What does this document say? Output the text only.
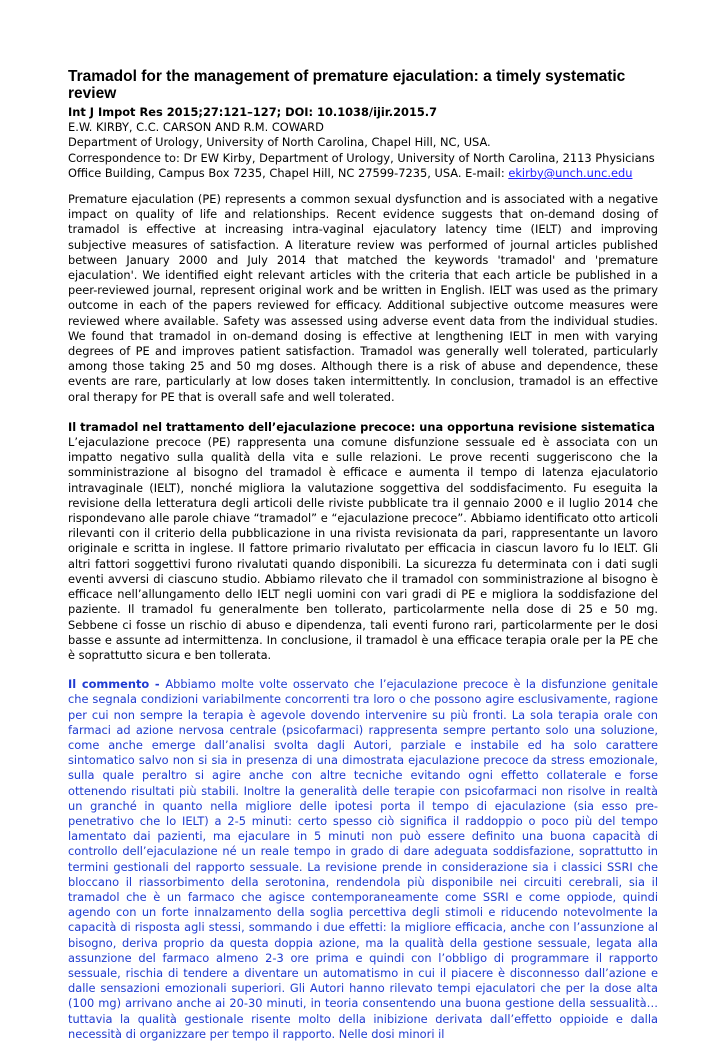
Tramadol for the management of premature ejaculation: a timely systematic review
Int J Impot Res 2015;27:121–127; DOI: 10.1038/ijir.2015.7
E.W. KIRBY, C.C. CARSON AND R.M. COWARD
Department of Urology, University of North Carolina, Chapel Hill, NC, USA.
Correspondence to: Dr EW Kirby, Department of Urology, University of North Carolina, 2113 Physicians Office Building, Campus Box 7235, Chapel Hill, NC 27599-7235, USA. E-mail: ekirby@unch.unc.edu

Premature ejaculation (PE) represents a common sexual dysfunction and is associated with a negative impact on quality of life and relationships. Recent evidence suggests that on-demand dosing of tramadol is effective at increasing intra-vaginal ejaculatory latency time (IELT) and improving subjective measures of satisfaction. A literature review was performed of journal articles published between January 2000 and July 2014 that matched the keywords 'tramadol' and 'premature ejaculation'. We identified eight relevant articles with the criteria that each article be published in a peer-reviewed journal, represent original work and be written in English. IELT was used as the primary outcome in each of the papers reviewed for efficacy. Additional subjective outcome measures were reviewed where available. Safety was assessed using adverse event data from the individual studies. We found that tramadol in on-demand dosing is effective at lengthening IELT in men with varying degrees of PE and improves patient satisfaction. Tramadol was generally well tolerated, particularly among those taking 25 and 50 mg doses. Although there is a risk of abuse and dependence, these events are rare, particularly at low doses taken intermittently. In conclusion, tramadol is an effective oral therapy for PE that is overall safe and well tolerated.

Il tramadol nel trattamento dell’ejaculazione precoce: una opportuna revisione sistematica

L’ejaculazione precoce (PE) rappresenta una comune disfunzione sessuale ed è associata con un impatto negativo sulla qualità della vita e sulle relazioni. Le prove recenti suggeriscono che la somministrazione al bisogno del tramadol è efficace e aumenta il tempo di latenza ejaculatorio intravaginale (IELT), nonché migliora la valutazione soggettiva del soddisfacimento. Fu eseguita la revisione della letteratura degli articoli delle riviste pubblicate tra il gennaio 2000 e il luglio 2014 che rispondevano alle parole chiave “tramadol” e “ejaculazione precoce”. Abbiamo identificato otto articoli rilevanti con il criterio della pubblicazione in una rivista revisionata da pari, rappresentante un lavoro originale e scritta in inglese. Il fattore primario rivalutato per efficacia in ciascun lavoro fu lo IELT. Gli altri fattori soggettivi furono rivalutati quando disponibili. La sicurezza fu determinata con i dati sugli eventi avversi di ciascuno studio. Abbiamo rilevato che il tramadol con somministrazione al bisogno è efficace nell’allungamento dello IELT negli uomini con vari gradi di PE e migliora la soddisfazione del paziente. Il tramadol fu generalmente ben tollerato, particolarmente nella dose di 25 e 50 mg. Sebbene ci fosse un rischio di abuso e dipendenza, tali eventi furono rari, particolarmente per le dosi basse e assunte ad intermittenza. In conclusione, il tramadol è una efficace terapia orale per la PE che è soprattutto sicura e ben tollerata.

Il commento - Abbiamo molte volte osservato che l’ejaculazione precoce è la disfunzione genitale che segnala condizioni variabilmente concorrenti tra loro o che possono agire esclusivamente, ragione per cui non sempre la terapia è agevole dovendo intervenire su più fronti. La sola terapia orale con farmaci ad azione nervosa centrale (psicofarmaci) rappresenta sempre pertanto solo una soluzione, come anche emerge dall’analisi svolta dagli Autori, parziale e instabile ed ha solo carattere sintomatico salvo non si sia in presenza di una dimostrata ejaculazione precoce da stress emozionale, sulla quale peraltro si agire anche con altre tecniche evitando ogni effetto collaterale e forse ottenendo risultati più stabili. Inoltre la generalità delle terapie con psicofarmaci non risolve in realtà un granché in quanto nella migliore delle ipotesi porta il tempo di ejaculazione (sia esso pre-penetrativo che lo IELT) a 2-5 minuti: certo spesso ciò significa il raddoppio o poco più del tempo lamentato dai pazienti, ma ejaculare in 5 minuti non può essere definito una buona capacità di controllo dell’ejaculazione né un reale tempo in grado di dare adeguata soddisfazione, soprattutto in termini gestionali del rapporto sessuale. La revisione prende in considerazione sia i classici SSRI che bloccano il riassorbimento della serotonina, rendendola più disponibile nei circuiti cerebrali, sia il tramadol che è un farmaco che agisce contemporaneamente come SSRI e come oppiode, quindi agendo con un forte innalzamento della soglia percettiva degli stimoli e riducendo notevolmente la capacità di risposta agli stessi, sommando i due effetti: la migliore efficacia, anche con l’assunzione al bisogno, deriva proprio da questa doppia azione, ma la qualità della gestione sessuale, legata alla assunzione del farmaco almeno 2-3 ore prima e quindi con l’obbligo di programmare il rapporto sessuale, rischia di tendere a diventare un automatismo in cui il piacere è disconnesso dall’azione e dalle sensazioni emozionali superiori. Gli Autori hanno rilevato tempi ejaculatori che per la dose alta (100 mg) arrivano anche ai 20-30 minuti, in teoria consentendo una buona gestione della sessualità… tuttavia la qualità gestionale risente molto della inibizione derivata dall’effetto oppioide e dalla necessità di organizzare per tempo il rapporto. Nelle dosi minori il
